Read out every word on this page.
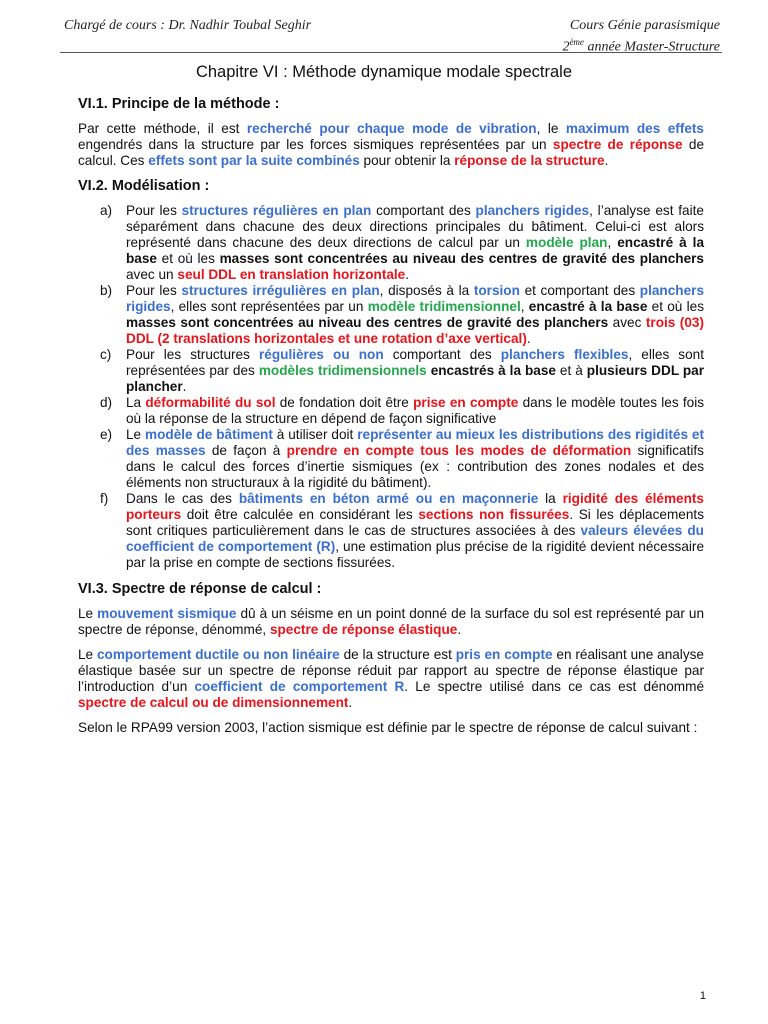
Chargé de cours : Dr. Nadhir Toubal Seghir	Cours Génie parasismique
2ème année Master-Structure
Chapitre VI : Méthode dynamique modale spectrale
VI.1. Principe de la méthode :

Par cette méthode, il est recherché pour chaque mode de vibration, le maximum des effets engendrés dans la structure par les forces sismiques représentées par un spectre de réponse de calcul. Ces effets sont par la suite combinés pour obtenir la réponse de la structure.

VI.2. Modélisation :
a) Pour les structures régulières en plan comportant des planchers rigides, l’analyse est faite séparément dans chacune des deux directions principales du bâtiment. Celui-ci est alors représenté dans chacune des deux directions de calcul par un modèle plan, encastré à la base et où les masses sont concentrées au niveau des centres de gravité des planchers avec un seul DDL en translation horizontale.
b) Pour les structures irrégulières en plan, disposés à la torsion et comportant des planchers rigides, elles sont représentées par un modèle tridimensionnel, encastré à la base et où les masses sont concentrées au niveau des centres de gravité des planchers avec trois (03) DDL (2 translations horizontales et une rotation d’axe vertical).
c) Pour les structures régulières ou non comportant des planchers flexibles, elles sont représentées par des modèles tridimensionnels encastrés à la base et à plusieurs DDL par plancher.
d) La déformabilité du sol de fondation doit être prise en compte dans le modèle toutes les fois où la réponse de la structure en dépend de façon significative
e) Le modèle de bâtiment à utiliser doit représenter au mieux les distributions des rigidités et des masses de façon à prendre en compte tous les modes de déformation significatifs dans le calcul des forces d’inertie sismiques (ex : contribution des zones nodales et des éléments non structuraux à la rigidité du bâtiment).
f) Dans le cas des bâtiments en béton armé ou en maçonnerie la rigidité des éléments porteurs doit être calculée en considérant les sections non fissurées. Si les déplacements sont critiques particulièrement dans le cas de structures associées à des valeurs élevées du coefficient de comportement (R), une estimation plus précise de la rigidité devient nécessaire par la prise en compte de sections fissurées.
VI.3. Spectre de réponse de calcul :

Le mouvement sismique dû à un séisme en un point donné de la surface du sol est représenté par un spectre de réponse, dénommé, spectre de réponse élastique.

Le comportement ductile ou non linéaire de la structure est pris en compte en réalisant une analyse élastique basée sur un spectre de réponse réduit par rapport au spectre de réponse élastique par l’introduction d’un coefficient de comportement R. Le spectre utilisé dans ce cas est dénommé spectre de calcul ou de dimensionnement.

Selon le RPA99 version 2003, l’action sismique est définie par le spectre de réponse de calcul suivant :

1
